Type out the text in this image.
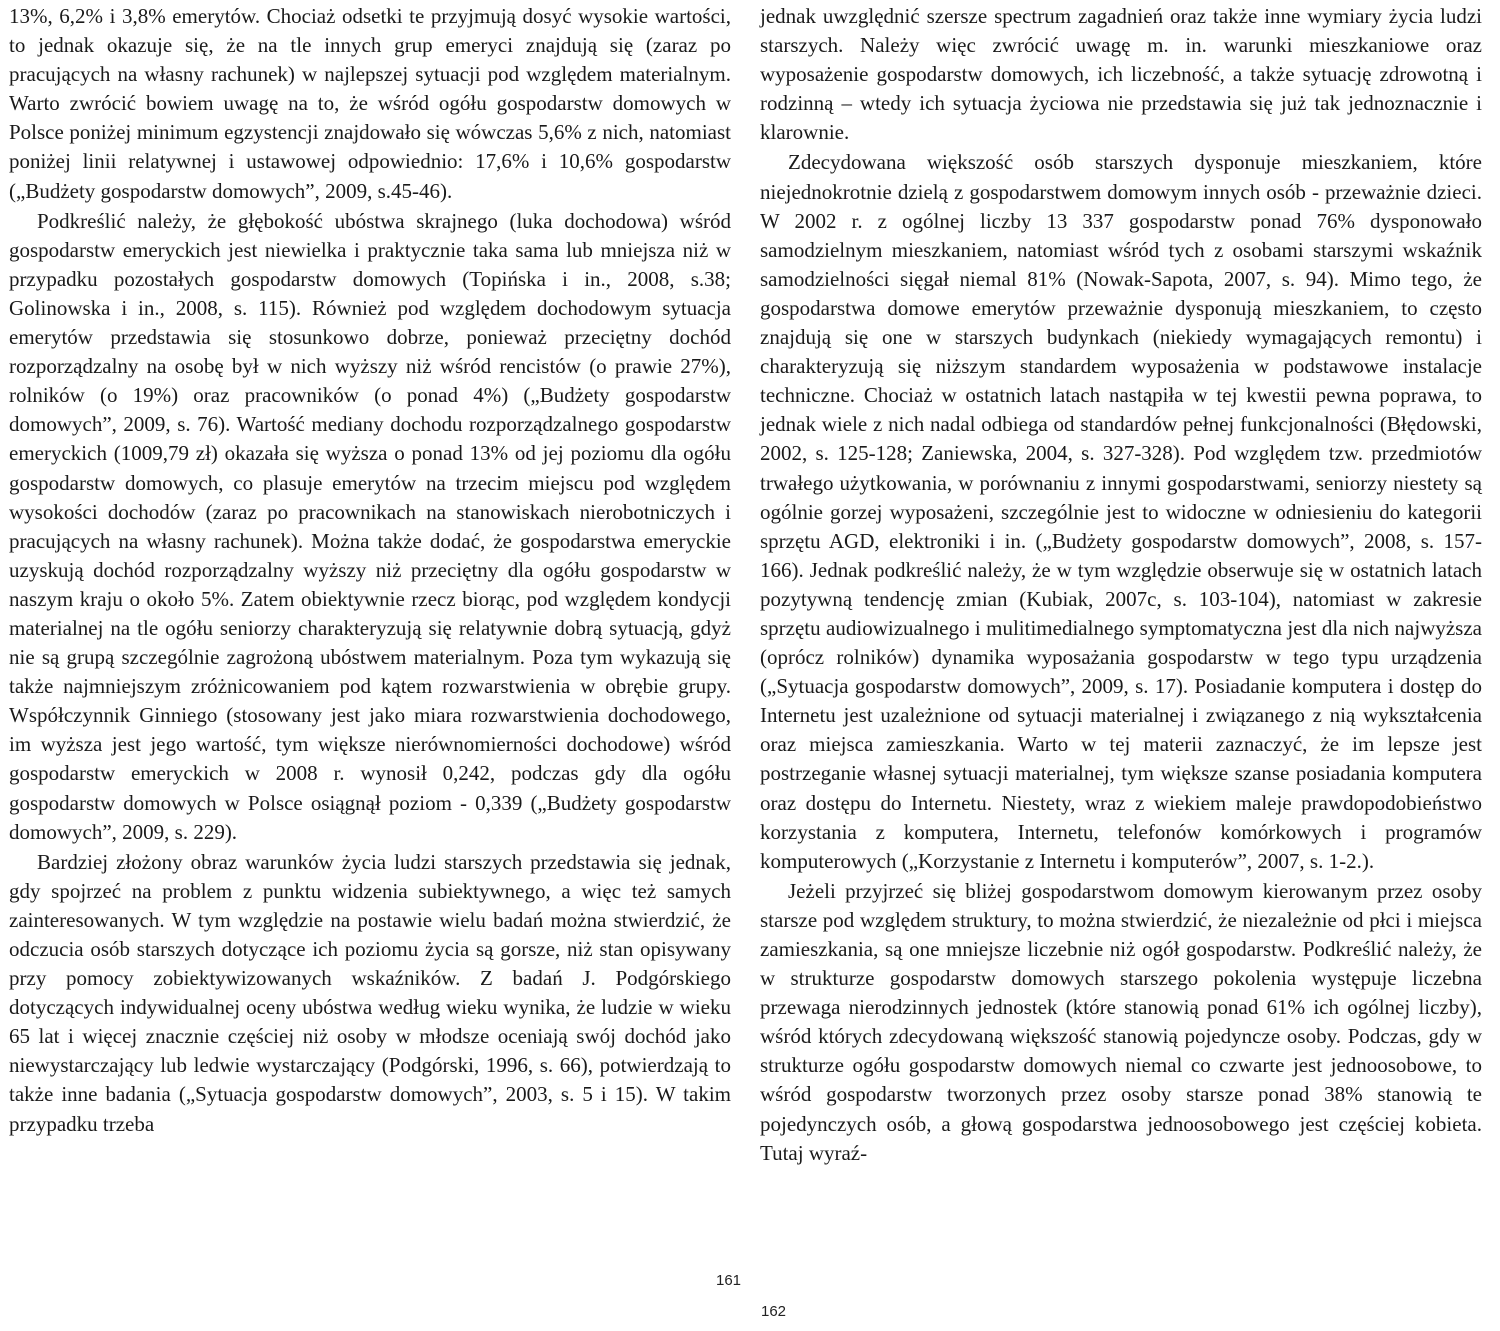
13%, 6,2% i 3,8% emerytów. Chociaż odsetki te przyjmują dosyć wysokie wartości, to jednak okazuje się, że na tle innych grup emeryci znajdują się (zaraz po pracujących na własny rachunek) w najlepszej sytuacji pod względem materialnym. Warto zwrócić bowiem uwagę na to, że wśród ogółu gospodarstw domowych w Polsce poniżej minimum egzystencji znajdowało się wówczas 5,6% z nich, natomiast poniżej linii relatywnej i ustawowej odpowiednio: 17,6% i 10,6% gospodarstw („Budżety gospodarstw domowych”, 2009, s.45-46).

Podkreślić należy, że głębokość ubóstwa skrajnego (luka dochodowa) wśród gospodarstw emeryckich jest niewielka i praktycznie taka sama lub mniejsza niż w przypadku pozostałych gospodarstw domowych (Topińska i in., 2008, s.38; Golinowska i in., 2008, s. 115). Również pod względem dochodowym sytuacja emerytów przedstawia się stosunkowo dobrze, ponieważ przeciętny dochód rozporządzalny na osobę był w nich wyższy niż wśród rencistów (o prawie 27%), rolników (o 19%) oraz pracowników (o ponad 4%) („Budżety gospodarstw domowych”, 2009, s. 76). Wartość mediany dochodu rozporządzalnego gospodarstw emeryckich (1009,79 zł) okazała się wyższa o ponad 13% od jej poziomu dla ogółu gospodarstw domowych, co plasuje emerytów na trzecim miejscu pod względem wysokości dochodów (zaraz po pracownikach na stanowiskach nierobotniczych i pracujących na własny rachunek). Można także dodać, że gospodarstwa emeryckie uzyskują dochód rozporządzalny wyższy niż przeciętny dla ogółu gospodarstw w naszym kraju o około 5%. Zatem obiektywnie rzecz biorąc, pod względem kondycji materialnej na tle ogółu seniorzy charakteryzują się relatywnie dobrą sytuacją, gdyż nie są grupą szczególnie zagrożoną ubóstwem materialnym. Poza tym wykazują się także najmniejszym zróżnicowaniem pod kątem rozwarstwienia w obrębie grupy. Współczynnik Ginniego (stosowany jest jako miara rozwarstwienia dochodowego, im wyższa jest jego wartość, tym większe nierównomierności dochodowe) wśród gospodarstw emeryckich w 2008 r. wynosił 0,242, podczas gdy dla ogółu gospodarstw domowych w Polsce osiągnął poziom - 0,339 („Budżety gospodarstw domowych”, 2009, s. 229).

Bardziej złożony obraz warunków życia ludzi starszych przedstawia się jednak, gdy spojrzeć na problem z punktu widzenia subiektywnego, a więc też samych zainteresowanych. W tym względzie na postawie wielu badań można stwierdzić, że odczucia osób starszych dotyczące ich poziomu życia są gorsze, niż stan opisywany przy pomocy zobiektywizowanych wskaźników. Z badań J. Podgórskiego dotyczących indywidualnej oceny ubóstwa według wieku wynika, że ludzie w wieku 65 lat i więcej znacznie częściej niż osoby w młodsze oceniają swój dochód jako niewystarczający lub ledwie wystarczający (Podgórski, 1996, s. 66), potwierdzają to także inne badania („Sytuacja gospodarstw domowych”, 2003, s. 5 i 15). W takim przypadku trzeba

jednak uwzględnić szersze spectrum zagadnień oraz także inne wymiary życia ludzi starszych. Należy więc zwrócić uwagę m. in. warunki mieszkaniowe oraz wyposażenie gospodarstw domowych, ich liczebność, a także sytuację zdrowotną i rodzinną – wtedy ich sytuacja życiowa nie przedstawia się już tak jednoznacznie i klarownie.

Zdecydowana większość osób starszych dysponuje mieszkaniem, które niejednokrotnie dzielą z gospodarstwem domowym innych osób - przeważnie dzieci. W 2002 r. z ogólnej liczby 13 337 gospodarstw ponad 76% dysponowało samodzielnym mieszkaniem, natomiast wśród tych z osobami starszymi wskaźnik samodzielności sięgał niemal 81% (Nowak-Sapota, 2007, s. 94). Mimo tego, że gospodarstwa domowe emerytów przeważnie dysponują mieszkaniem, to często znajdują się one w starszych budynkach (niekiedy wymagających remontu) i charakteryzują się niższym standardem wyposażenia w podstawowe instalacje techniczne. Chociaż w ostatnich latach nastąpiła w tej kwestii pewna poprawa, to jednak wiele z nich nadal odbiega od standardów pełnej funkcjonalności (Błędowski, 2002, s. 125-128; Zaniewska, 2004, s. 327-328). Pod względem tzw. przedmiotów trwałego użytkowania, w porównaniu z innymi gospodarstwami, seniorzy niestety są ogólnie gorzej wyposażeni, szczególnie jest to widoczne w odniesieniu do kategorii sprzętu AGD, elektroniki i in. („Budżety gospodarstw domowych”, 2008, s. 157-166). Jednak podkreślić należy, że w tym względzie obserwuje się w ostatnich latach pozytywną tendencję zmian (Kubiak, 2007c, s. 103-104), natomiast w zakresie sprzętu audiowizualnego i mulitimedialnego symptomatyczna jest dla nich najwyższa (oprócz rolników) dynamika wyposażania gospodarstw w tego typu urządzenia („Sytuacja gospodarstw domowych”, 2009, s. 17). Posiadanie komputera i dostęp do Internetu jest uzależnione od sytuacji materialnej i związanego z nią wykształcenia oraz miejsca zamieszkania. Warto w tej materii zaznaczyć, że im lepsze jest postrzeganie własnej sytuacji materialnej, tym większe szanse posiadania komputera oraz dostępu do Internetu. Niestety, wraz z wiekiem maleje prawdopodobieństwo korzystania z komputera, Internetu, telefonów komórkowych i programów komputerowych („Korzystanie z Internetu i komputerów”, 2007, s. 1-2.).

Jeżeli przyjrzeć się bliżej gospodarstwom domowym kierowanym przez osoby starsze pod względem struktury, to można stwierdzić, że niezależnie od płci i miejsca zamieszkania, są one mniejsze liczebnie niż ogół gospodarstw. Podkreślić należy, że w strukturze gospodarstw domowych starszego pokolenia występuje liczebna przewaga nierodzinnych jednostek (które stanowią ponad 61% ich ogólnej liczby), wśród których zdecydowaną większość stanowią pojedyncze osoby. Podczas, gdy w strukturze ogółu gospodarstw domowych niemal co czwarte jest jednoosobowe, to wśród gospodarstw tworzonych przez osoby starsze ponad 38% stanowią te pojedynczych osób, a głową gospodarstwa jednoosobowego jest częściej kobieta. Tutaj wyraź-

161
162
